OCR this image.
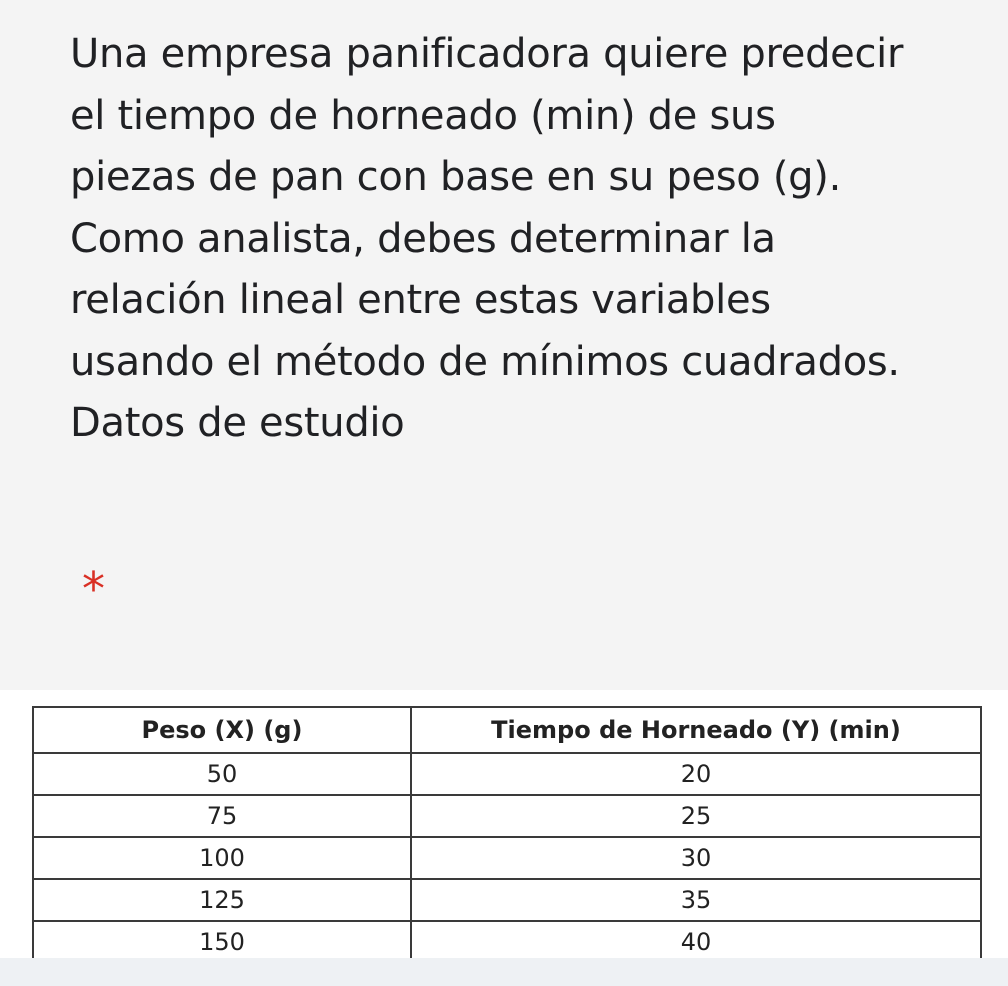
Una empresa panificadora quiere predecir
el tiempo de horneado (min) de sus
piezas de pan con base en su peso (g).
Como analista, debes determinar la
relación lineal entre estas variables
usando el método de mínimos cuadrados.
Datos de estudio

*
Peso (X) (g)	Tiempo de Horneado (Y) (min)
50	20
75	25
100	30
125	35
150	40
